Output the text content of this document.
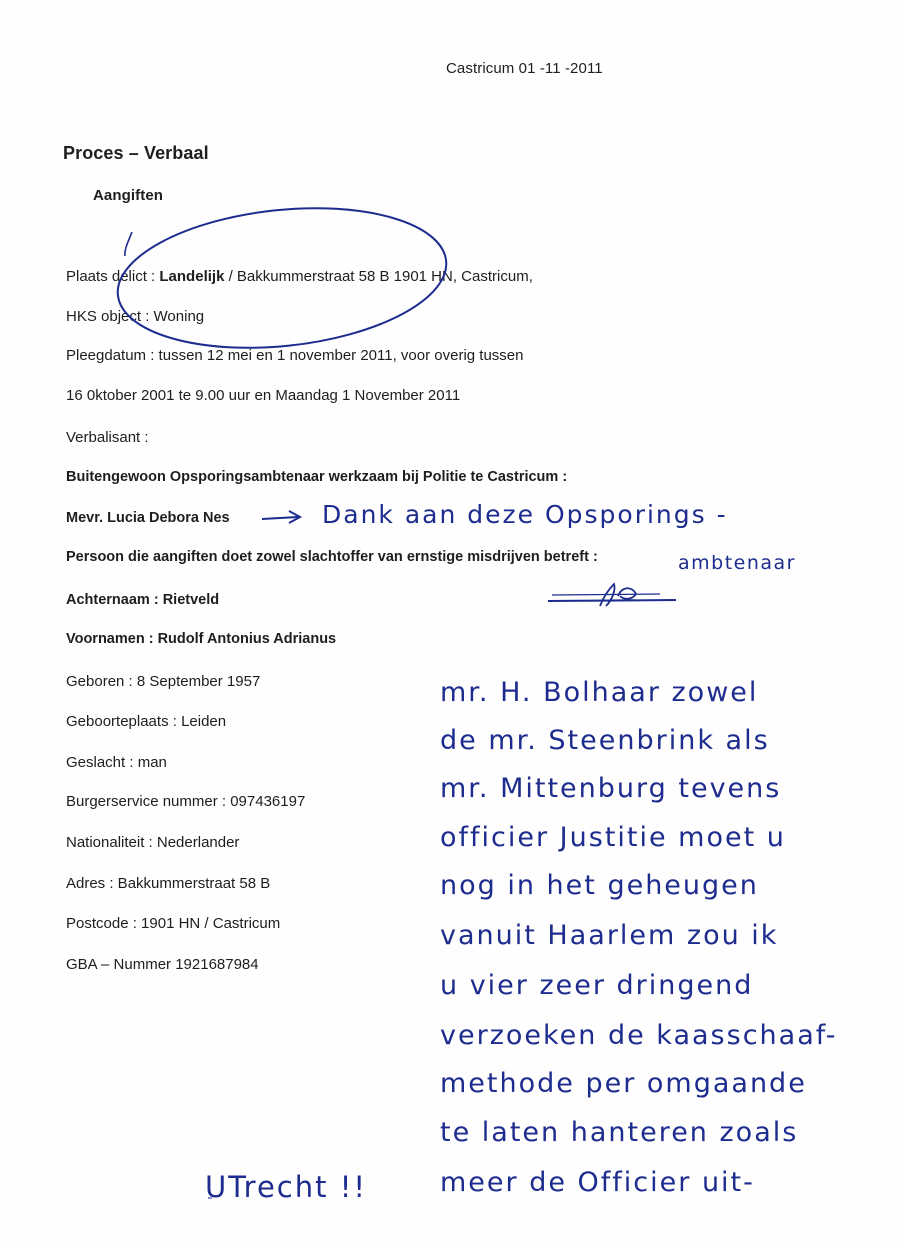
Castricum 01 -11 -2011
Proces – Verbaal
Aangiften
Plaats delict : Landelijk / Bakkummerstraat 58 B 1901 HN, Castricum,
HKS object : Woning
Pleegdatum : tussen 12 mei en 1 november 2011, voor overig tussen
16 0ktober 2001 te 9.00 uur en Maandag 1 November 2011
Verbalisant :
Buitengewoon Opsporingsambtenaar werkzaam bij Politie te Castricum :
Mevr. Lucia Debora Nes
Persoon die aangiften doet zowel slachtoffer van ernstige misdrijven betreft :
Achternaam : Rietveld
Voornamen : Rudolf Antonius Adrianus
Geboren : 8 September 1957
Geboorteplaats : Leiden
Geslacht : man
Burgerservice nummer : 097436197
Nationaliteit : Nederlander
Adres : Bakkummerstraat 58 B
Postcode : 1901 HN / Castricum
GBA – Nummer 1921687984
Dank aan deze Opsporings -
ambtenaar
mr. H. Bolhaar zowel
de mr. Steenbrink als
mr. Mittenburg tevens
officier Justitie moet u
nog in het geheugen
vanuit Haarlem zou ik
u vier zeer dringend
verzoeken de kaasschaaf-
methode per omgaande
te laten hanteren zoals
meer de Officier uit-
UTrecht !!
